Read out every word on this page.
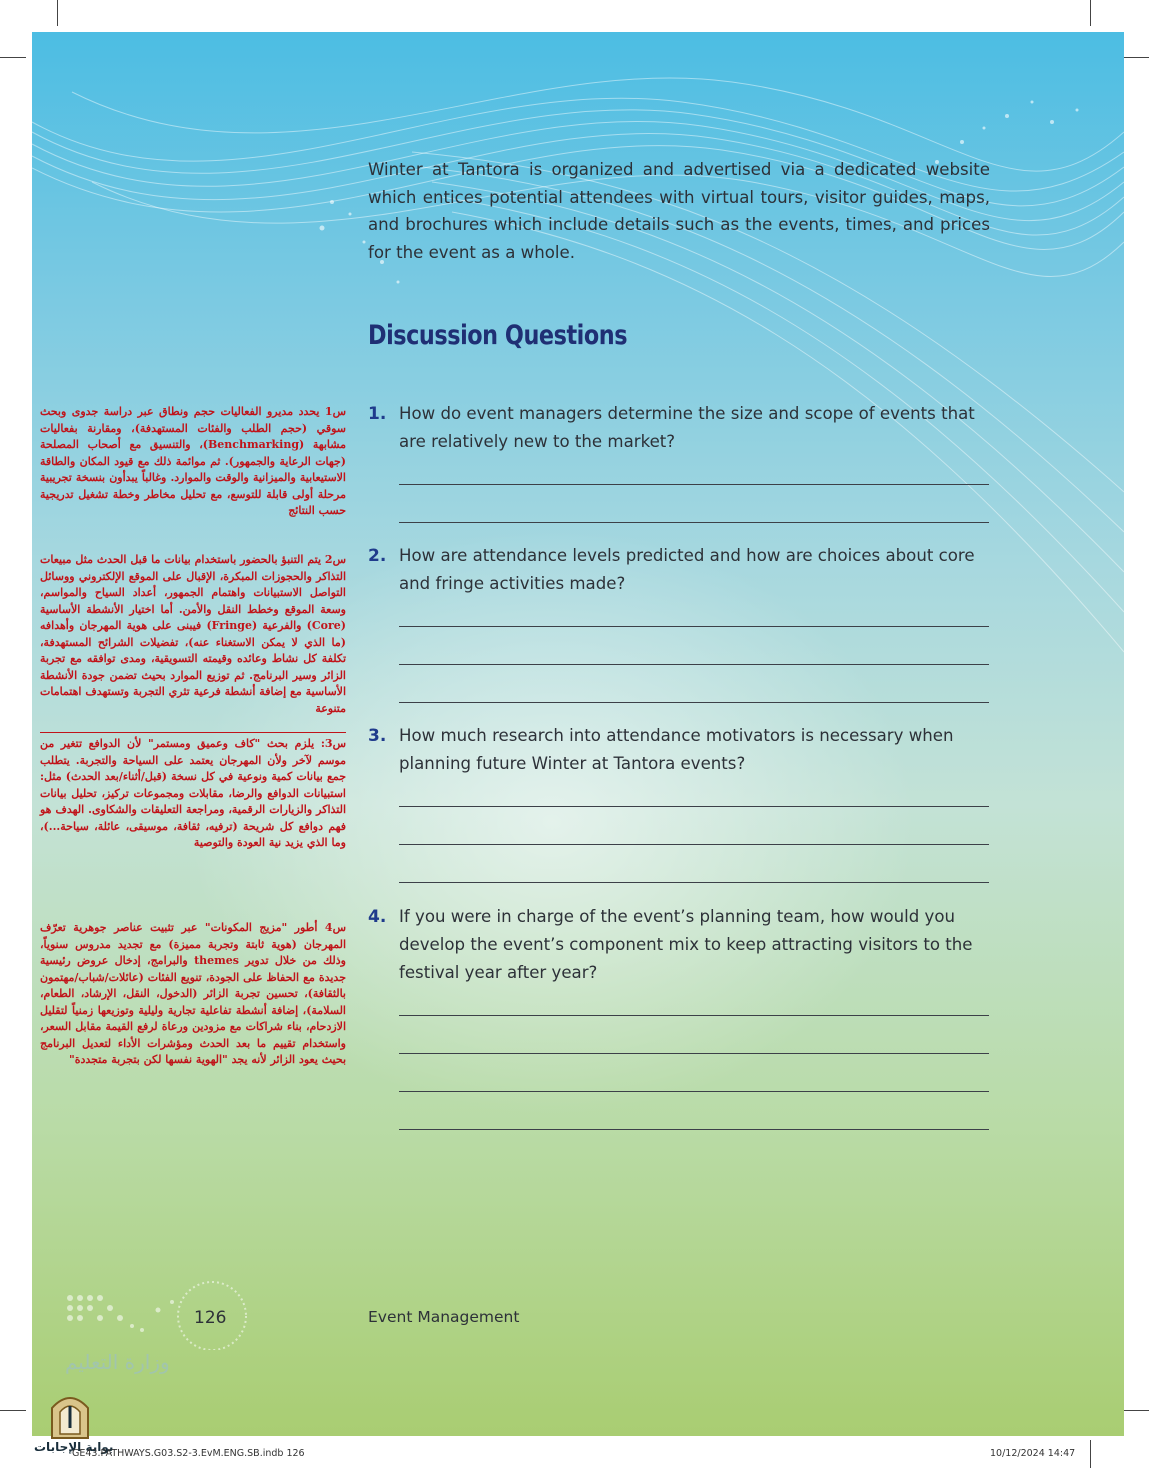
Winter at Tantora is organized and advertised via a dedicated website which entices potential attendees with virtual tours, visitor guides, maps, and brochures which include details such as the events, times, and prices for the event as a whole.

Discussion Questions
1. How do event managers determine the size and scope of events that are relatively new to the market?

2. How are attendance levels predicted and how are choices about core and fringe activities made?

3. How much research into attendance motivators is necessary when planning future Winter at Tantora events?

4. If you were in charge of the event’s planning team, how would you develop the event’s component mix to keep attracting visitors to the festival year after year?

س1 يحدد مديرو الفعاليات حجم ونطاق عبر دراسة جدوى وبحث سوقي (حجم الطلب والفئات المستهدفة)، ومقارنة بفعاليات مشابهة (Benchmarking)، والتنسيق مع أصحاب المصلحة (جهات الرعاية والجمهور). ثم موائمة ذلك مع قيود المكان والطاقة الاستيعابية والميزانية والوقت والموارد. وغالباً يبدأون بنسخة تجريبية مرحلة أولى قابلة للتوسع، مع تحليل مخاطر وخطة تشغيل تدريجية حسب النتائج

س2 يتم التنبؤ بالحضور باستخدام بيانات ما قبل الحدث مثل مبيعات التذاكر والحجوزات المبكرة، الإقبال على الموقع الإلكتروني ووسائل التواصل الاستبيانات واهتمام الجمهور، أعداد السياح والمواسم، وسعة الموقع وخطط النقل والأمن. أما اختيار الأنشطة الأساسية (Core) والفرعية (Fringe) فيبنى على هوية المهرجان وأهدافه (ما الذي لا يمكن الاستغناء عنه)، تفضيلات الشرائح المستهدفة، تكلفة كل نشاط وعائده وقيمته التسويقية، ومدى توافقه مع تجربة الزائر وسير البرنامج. ثم توزيع الموارد بحيث تضمن جودة الأنشطة الأساسية مع إضافة أنشطة فرعية تثري التجربة وتستهدف اهتمامات متنوعة

س3: يلزم بحث "كاف وعميق ومستمر" لأن الدوافع تتغير من موسم لآخر ولأن المهرجان يعتمد على السياحة والتجربة. يتطلب جمع بيانات كمية ونوعية في كل نسخة (قبل/أثناء/بعد الحدث) مثل: استبيانات الدوافع والرضا، مقابلات ومجموعات تركيز، تحليل بيانات التذاكر والزيارات الرقمية، ومراجعة التعليقات والشكاوى. الهدف هو فهم دوافع كل شريحة (ترفيه، ثقافة، موسيقى، عائلة، سياحة...)، وما الذي يزيد نية العودة والتوصية

س4 أطور "مزيج المكونات" عبر تثبيت عناصر جوهرية تعرّف المهرجان (هوية ثابتة وتجربة مميزة) مع تجديد مدروس سنوياً، وذلك من خلال تدوير themes والبرامج، إدخال عروض رئيسية جديدة مع الحفاظ على الجودة، تنويع الفئات (عائلات/شباب/مهتمون بالثقافة)، تحسين تجربة الزائر (الدخول، النقل، الإرشاد، الطعام، السلامة)، إضافة أنشطة تفاعلية تجارية وليلية وتوزيعها زمنياً لتقليل الازدحام، بناء شراكات مع مزودين ورعاة لرفع القيمة مقابل السعر، واستخدام تقييم ما بعد الحدث ومؤشرات الأداء لتعديل البرنامج بحيث يعود الزائر لأنه يجد "الهوية نفسها لكن بتجربة متجددة"

126
وزارة التعليم
Event Management
بوابة الإجابات
GE43.PATHWAYS.G03.S2-3.EvM.ENG.SB.indb 126	10/12/2024 14:47
